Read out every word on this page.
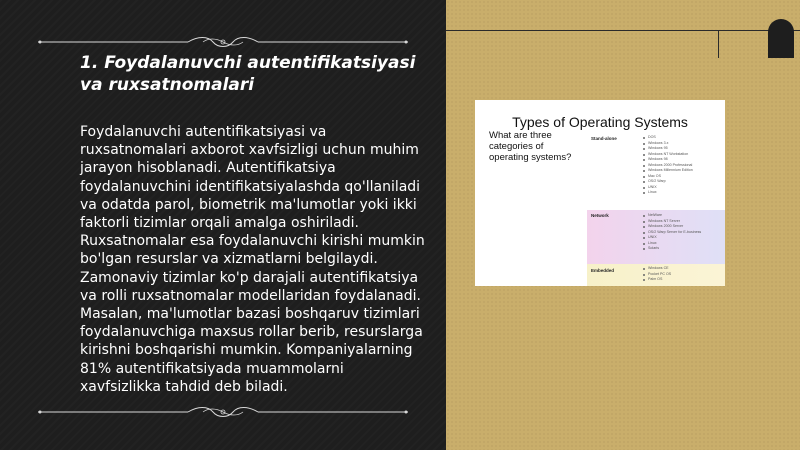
1. Foydalanuvchi autentifikatsiyasi va ruxsatnomalari

Foydalanuvchi autentifikatsiyasi va ruxsatnomalari axborot xavfsizligi uchun muhim jarayon hisoblanadi. Autentifikatsiya foydalanuvchini identifikatsiyalashda qo'llaniladi va odatda parol, biometrik ma'lumotlar yoki ikki faktorli tizimlar orqali amalga oshiriladi. Ruxsatnomalar esa foydalanuvchi kirishi mumkin bo'lgan resurslar va xizmatlarni belgilaydi. Zamonaviy tizimlar ko'p darajali autentifikatsiya va rolli ruxsatnomalar modellaridan foydalanadi. Masalan, ma'lumotlar bazasi boshqaruv tizimlari foydalanuvchiga maxsus rollar berib, resurslarga kirishni boshqarishi mumkin. Kompaniyalarning 81% autentifikatsiyada muammolarni xavfsizlikka tahdid deb biladi.

Types of Operating Systems

What are three categories of operating systems?
Stand-alone	DOS
Windows 3.x
Windows 95
Windows NT Workstation
Windows 98
Windows 2000 Professional
Windows Millennium Edition
Mac OS
OS/2 Warp
UNIX
Linux
Network	NetWare
Windows NT Server
Windows 2000 Server
OS/2 Warp Server for E-business
UNIX
Linux
Solaris
Embedded	Windows CE
Pocket PC OS
Palm OS
